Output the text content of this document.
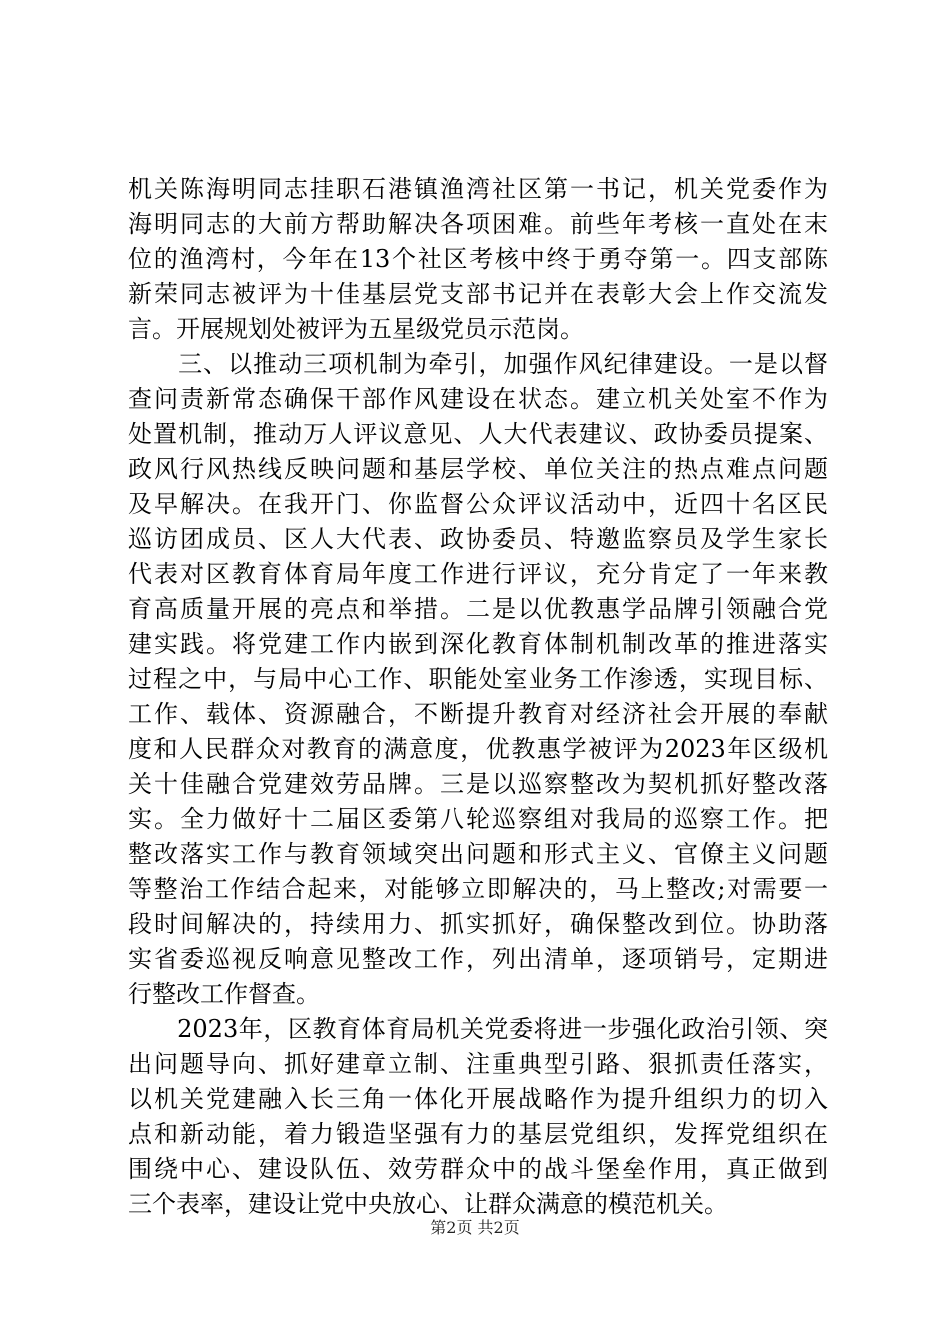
机关陈海明同志挂职石港镇渔湾社区第一书记，机关党委作为
海明同志的大前方帮助解决各项困难。前些年考核一直处在末
位的渔湾村，今年在13个社区考核中终于勇夺第一。四支部陈
新荣同志被评为十佳基层党支部书记并在表彰大会上作交流发
言。开展规划处被评为五星级党员示范岗。
　　三、以推动三项机制为牵引，加强作风纪律建设。一是以督
查问责新常态确保干部作风建设在状态。建立机关处室不作为
处置机制，推动万人评议意见、人大代表建议、政协委员提案、
政风行风热线反映问题和基层学校、单位关注的热点难点问题
及早解决。在我开门、你监督公众评议活动中，近四十名区民
巡访团成员、区人大代表、政协委员、特邀监察员及学生家长
代表对区教育体育局年度工作进行评议，充分肯定了一年来教
育高质量开展的亮点和举措。二是以优教惠学品牌引领融合党
建实践。将党建工作内嵌到深化教育体制机制改革的推进落实
过程之中，与局中心工作、职能处室业务工作渗透，实现目标、
工作、载体、资源融合，不断提升教育对经济社会开展的奉献
度和人民群众对教育的满意度，优教惠学被评为2023年区级机
关十佳融合党建效劳品牌。三是以巡察整改为契机抓好整改落
实。全力做好十二届区委第八轮巡察组对我局的巡察工作。把
整改落实工作与教育领域突出问题和形式主义、官僚主义问题
等整治工作结合起来，对能够立即解决的，马上整改;对需要一
段时间解决的，持续用力、抓实抓好，确保整改到位。协助落
实省委巡视反响意见整改工作，列出清单，逐项销号，定期进
行整改工作督查。
　　2023年，区教育体育局机关党委将进一步强化政治引领、突
出问题导向、抓好建章立制、注重典型引路、狠抓责任落实，
以机关党建融入长三角一体化开展战略作为提升组织力的切入
点和新动能，着力锻造坚强有力的基层党组织，发挥党组织在
围绕中心、建设队伍、效劳群众中的战斗堡垒作用，真正做到
三个表率，建设让党中央放心、让群众满意的模范机关。
第2页 共2页
